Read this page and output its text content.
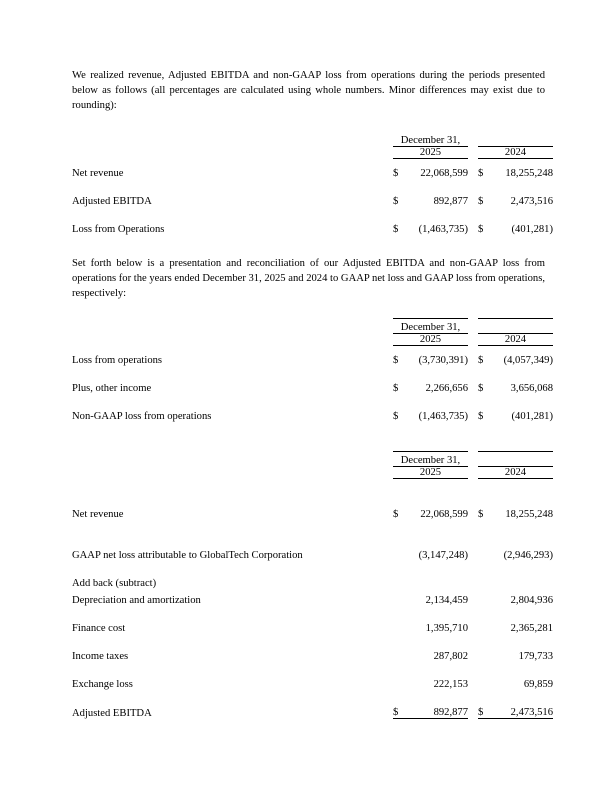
We realized revenue, Adjusted EBITDA and non-GAAP loss from operations during the periods presented below as follows (all percentages are calculated using whole numbers. Minor differences may exist due to rounding):

	December 31,				
	2025			2024	

Net revenue	$	22,068,599		$	18,255,248

Adjusted EBITDA	$	892,877		$	2,473,516

Loss from Operations	$	(1,463,735)		$	(401,281)

Set forth below is a presentation and reconciliation of our Adjusted EBITDA and non-GAAP loss from operations for the years ended December 31, 2025 and 2024 to GAAP net loss and GAAP loss from operations, respectively:

	December 31,				
	2025			2024	

Loss from operations	$	(3,730,391)		$	(4,057,349)

Plus, other income	$	2,266,656		$	3,656,068

Non-GAAP loss from operations	$	(1,463,735)		$	(401,281)

	December 31,				
	2025			2024	

Net revenue	$	22,068,599		$	18,255,248

GAAP net loss attributable to GlobalTech Corporation		(3,147,248)			(2,946,293)

Add back (subtract)					
Depreciation and amortization		2,134,459			2,804,936

Finance cost		1,395,710			2,365,281

Income taxes		287,802			179,733

Exchange loss		222,153			69,859

Adjusted EBITDA	$	892,877		$	2,473,516
